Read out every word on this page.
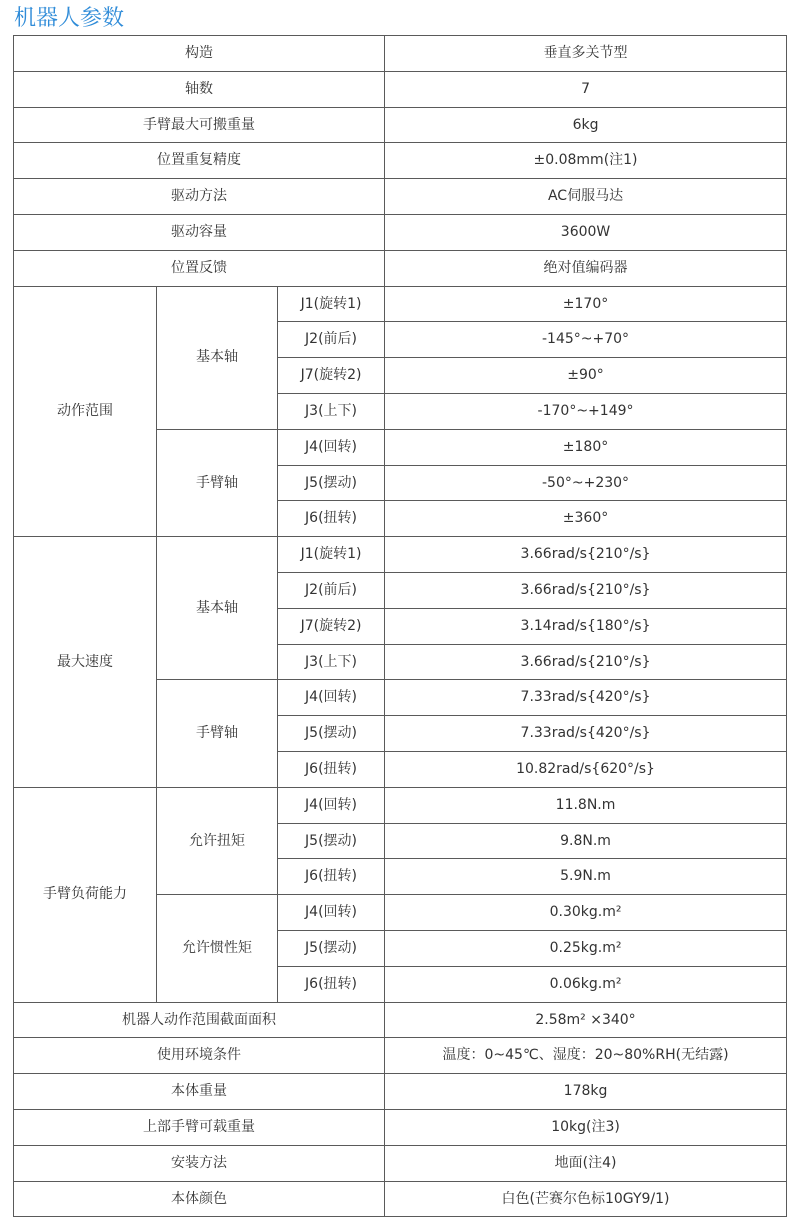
机器人参数
构造			垂直多关节型
轴数			7
手臂最大可搬重量			6kg
位置重复精度			±0.08mm(注1)
驱动方法			AC伺服马达
驱动容量			3600W
位置反馈			绝对值编码器
动作范围	基本轴	J1(旋转1)	±170°
		J2(前后)	-145°~+70°
		J7(旋转2)	±90°
		J3(上下)	-170°~+149°
	手臂轴	J4(回转)	±180°
		J5(摆动)	-50°~+230°
		J6(扭转)	±360°
最大速度	基本轴	J1(旋转1)	3.66rad/s{210°/s}
		J2(前后)	3.66rad/s{210°/s}
		J7(旋转2)	3.14rad/s{180°/s}
		J3(上下)	3.66rad/s{210°/s}
	手臂轴	J4(回转)	7.33rad/s{420°/s}
		J5(摆动)	7.33rad/s{420°/s}
		J6(扭转)	10.82rad/s{620°/s}
手臂负荷能力	允许扭矩	J4(回转)	11.8N.m
		J5(摆动)	9.8N.m
		J6(扭转)	5.9N.m
	允许惯性矩	J4(回转)	0.30kg.m²
		J5(摆动)	0.25kg.m²
		J6(扭转)	0.06kg.m²
机器人动作范围截面面积			2.58m² ×340°
使用环境条件			温度：0~45℃、湿度：20~80%RH(无结露)
本体重量			178kg
上部手臂可载重量			10kg(注3)
安装方法			地面(注4)
本体颜色			白色(芒赛尔色标10GY9/1)
